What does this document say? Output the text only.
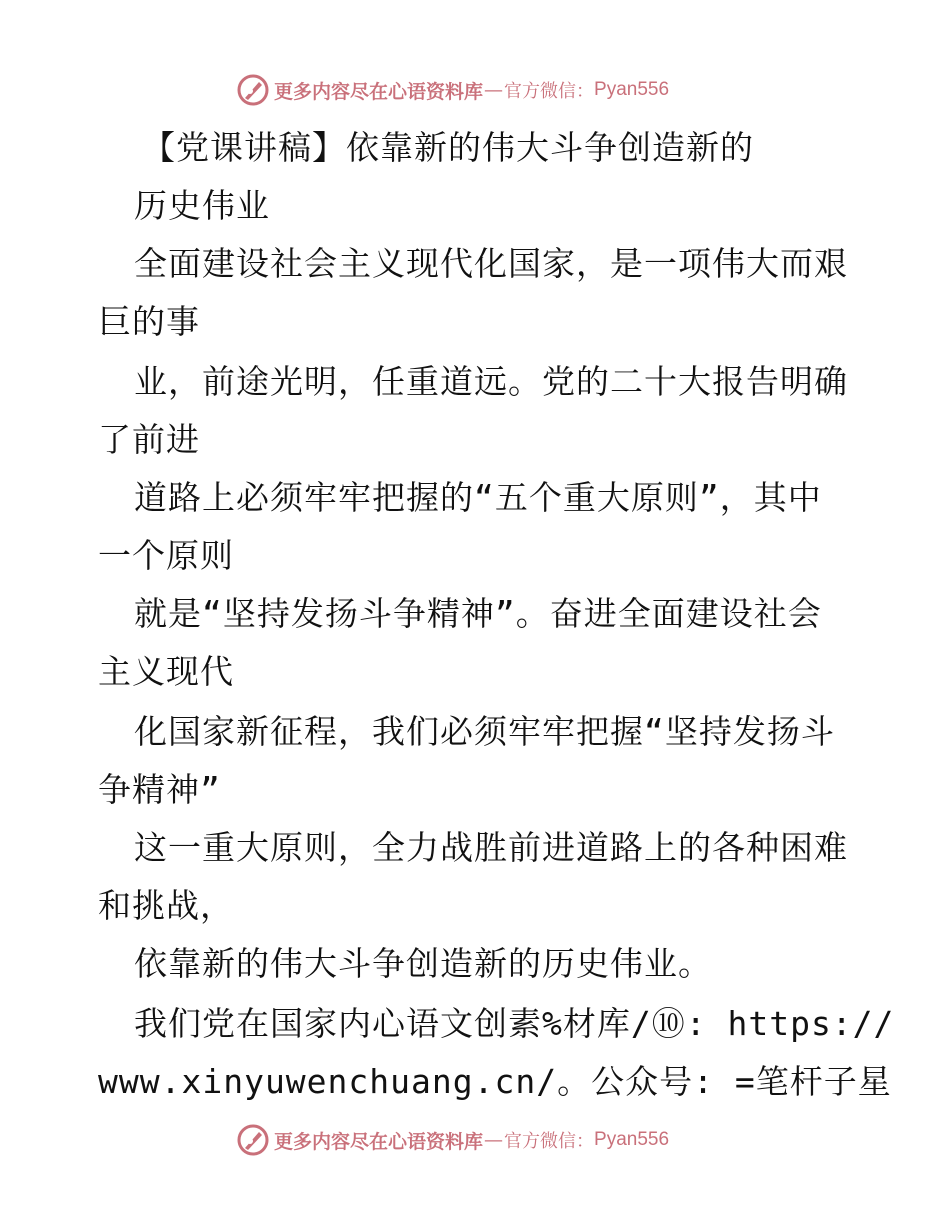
更多内容尽在心语资料库 — 官方微信： Pyan556
【党课讲稿】依靠新的伟大斗争创造新的
历史伟业
全面建设社会主义现代化国家，是一项伟大而艰
巨的事
业，前途光明，任重道远。党的二十大报告明确
了前进
道路上必须牢牢把握的“五个重大原则”，其中
一个原则
就是“坚持发扬斗争精神”。奋进全面建设社会
主义现代
化国家新征程，我们必须牢牢把握“坚持发扬斗
争精神”
这一重大原则，全力战胜前进道路上的各种困难
和挑战，
依靠新的伟大斗争创造新的历史伟业。
我们党在国家内心语文创素%材库/⑩: https://
www.xinyuwenchuang.cn/。公众号: =笔杆子星
更多内容尽在心语资料库 — 官方微信： Pyan556
